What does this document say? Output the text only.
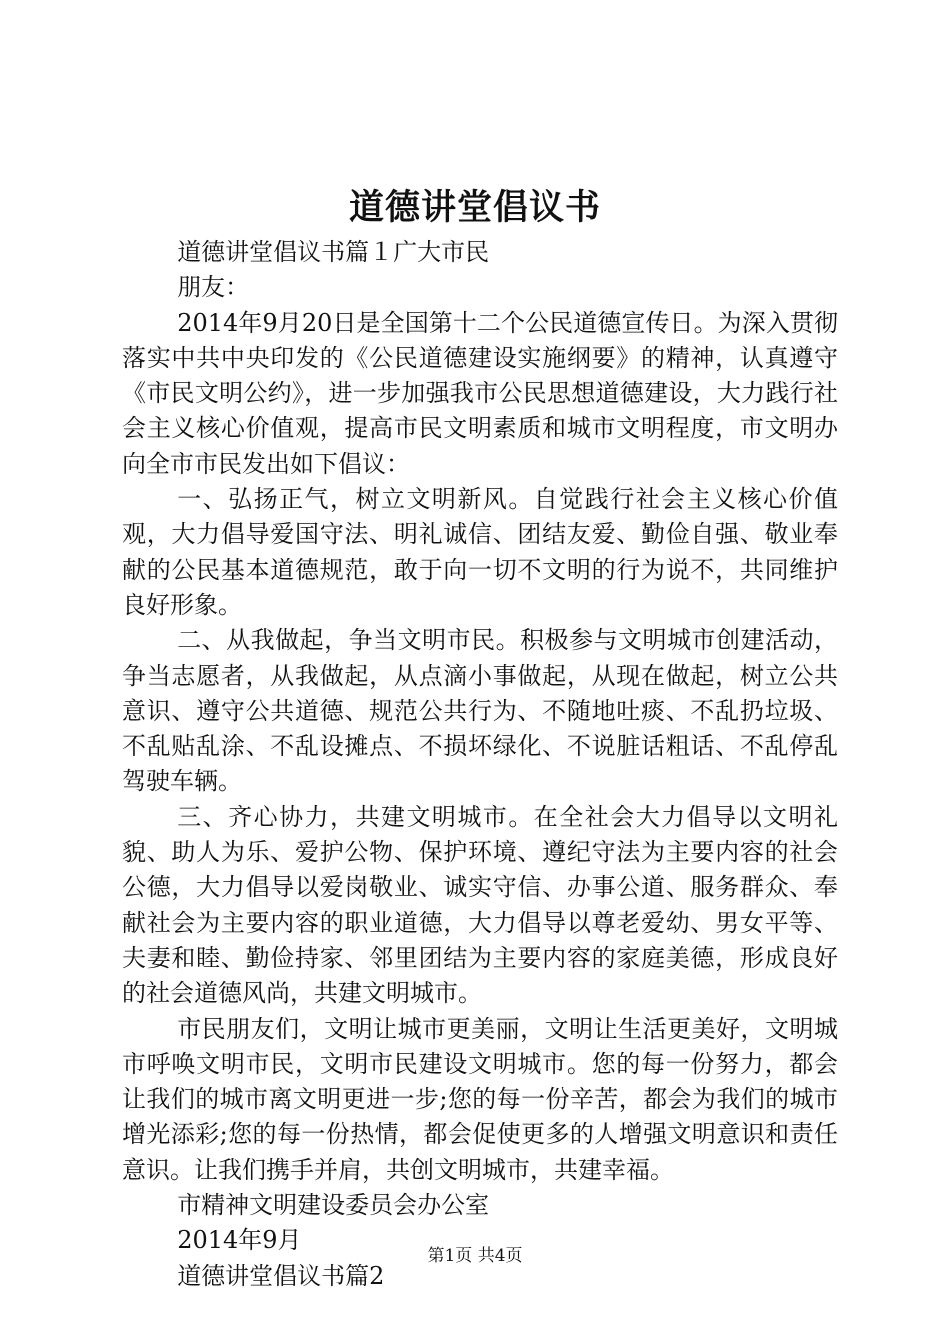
道德讲堂倡议书

道德讲堂倡议书篇１广大市民

朋友：

2014年9月20日是全国第十二个公民道德宣传日。为深入贯彻落实中共中央印发的《公民道德建设实施纲要》的精神，认真遵守《市民文明公约》，进一步加强我市公民思想道德建设，大力践行社会主义核心价值观，提高市民文明素质和城市文明程度，市文明办向全市市民发出如下倡议：

一、弘扬正气，树立文明新风。自觉践行社会主义核心价值观，大力倡导爱国守法、明礼诚信、团结友爱、勤俭自强、敬业奉献的公民基本道德规范，敢于向一切不文明的行为说不，共同维护良好形象。

二、从我做起，争当文明市民。积极参与文明城市创建活动，争当志愿者，从我做起，从点滴小事做起，从现在做起，树立公共意识、遵守公共道德、规范公共行为、不随地吐痰、不乱扔垃圾、不乱贴乱涂、不乱设摊点、不损坏绿化、不说脏话粗话、不乱停乱驾驶车辆。

三、齐心协力，共建文明城市。在全社会大力倡导以文明礼貌、助人为乐、爱护公物、保护环境、遵纪守法为主要内容的社会公德，大力倡导以爱岗敬业、诚实守信、办事公道、服务群众、奉献社会为主要内容的职业道德，大力倡导以尊老爱幼、男女平等、夫妻和睦、勤俭持家、邻里团结为主要内容的家庭美德，形成良好的社会道德风尚，共建文明城市。

市民朋友们，文明让城市更美丽，文明让生活更美好，文明城市呼唤文明市民，文明市民建设文明城市。您的每一份努力，都会让我们的城市离文明更进一步;您的每一份辛苦，都会为我们的城市增光添彩;您的每一份热情，都会促使更多的人增强文明意识和责任意识。让我们携手并肩，共创文明城市，共建幸福。

市精神文明建设委员会办公室

2014年9月

道德讲堂倡议书篇2

第1页 共4页
